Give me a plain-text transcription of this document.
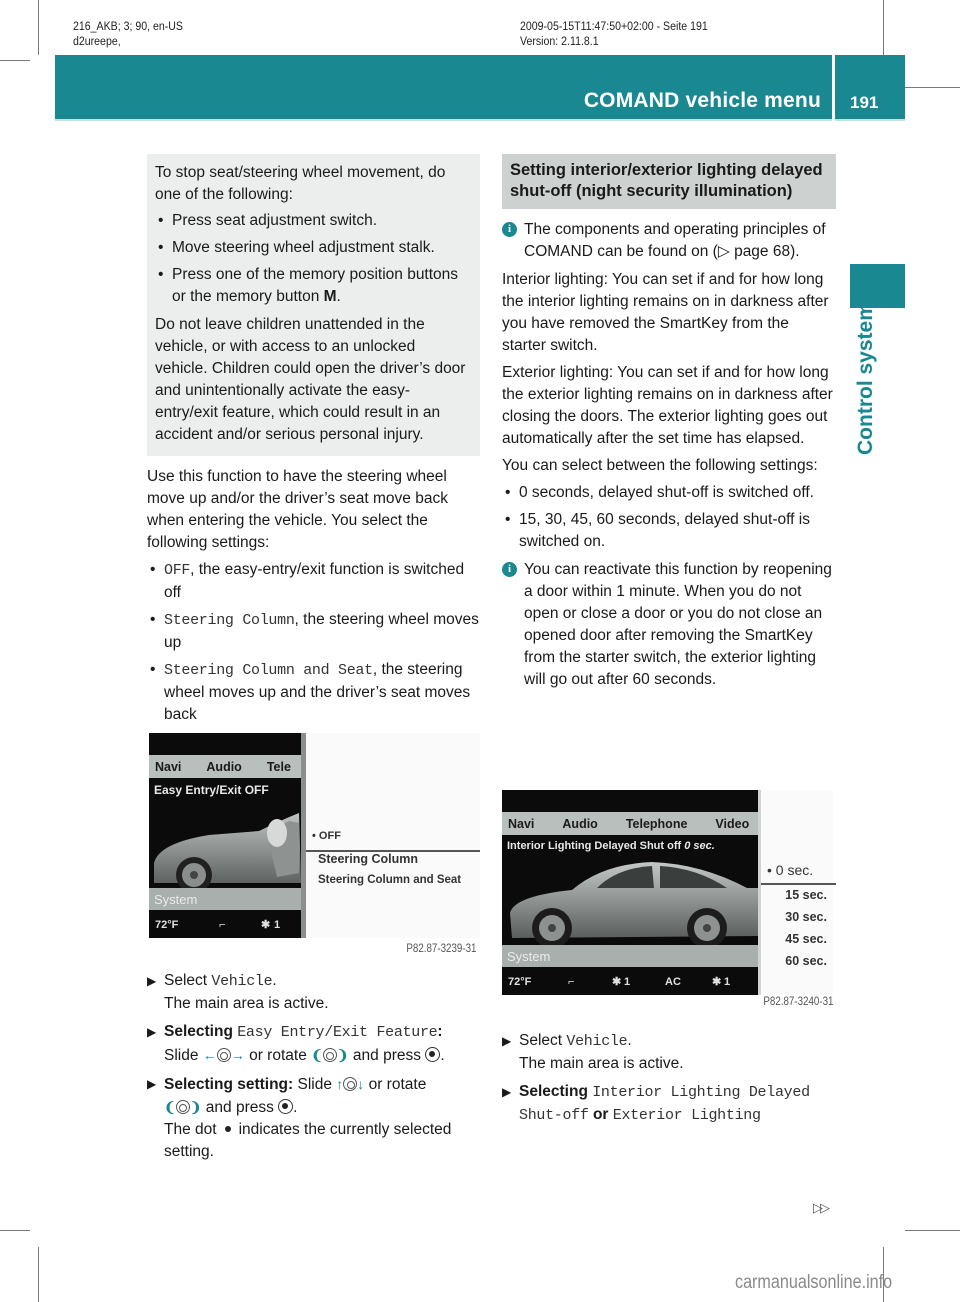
216_AKB; 3; 90, en-US
d2ureepe,
2009-05-15T11:47:50+02:00 - Seite 191
Version: 2.11.8.1
COMAND vehicle menu 191
Control systems

To stop seat/steering wheel movement, do one of the following:

• Press seat adjustment switch.
• Move steering wheel adjustment stalk.
• Press one of the memory position buttons or the memory button M.

Do not leave children unattended in the vehicle, or with access to an unlocked vehicle. Children could open the driver’s door and unintentionally activate the easy-entry/exit feature, which could result in an accident and/or serious personal injury.

Use this function to have the steering wheel move up and/or the driver’s seat move back when entering the vehicle. You select the following settings:

• OFF, the easy-entry/exit function is switched off
• Steering Column, the steering wheel moves up
• Steering Column and Seat, the steering wheel moves up and the driver’s seat moves back
Navi Audio Tele
Easy Entry/Exit OFF
System
72°F	⌐	✱ 1
• OFF
Steering Column
Steering Column and Seat
P82.87-3239-31
▶ Select Vehicle.
The main area is active.
▶ Selecting Easy Entry/Exit Feature:
Slide ← → or rotate ❨ ❩ and press .
▶ Selecting setting: Slide ↑ ↓ or rotate
❨ ❩ and press .
The dot indicates the currently selected setting.
Setting interior/exterior lighting delayed shut-off (night security illumination)
i The components and operating principles of COMAND can be found on (▷ page 68).

Interior lighting: You can set if and for how long the interior lighting remains on in darkness after you have removed the SmartKey from the starter switch.

Exterior lighting: You can set if and for how long the exterior lighting remains on in darkness after closing the doors. The exterior lighting goes out automatically after the set time has elapsed.

You can select between the following settings:

• 0 seconds, delayed shut-off is switched off.
• 15, 30, 45, 60 seconds, delayed shut-off is switched on.
i You can reactivate this function by reopening a door within 1 minute. When you do not open or close a door or you do not close an opened door after removing the SmartKey from the starter switch, the exterior lighting will go out after 60 seconds.
Navi Audio Telephone Video
Interior Lighting Delayed Shut off 0 sec.
System
72°F	⌐	✱ 1	AC	✱ 1
• 0 sec.
15 sec.
30 sec.
45 sec.
60 sec.
P82.87-3240-31
▶ Select Vehicle.
The main area is active.
▶ Selecting Interior Lighting Delayed Shut-off or Exterior Lighting
▷▷
carmanualsonline.info
